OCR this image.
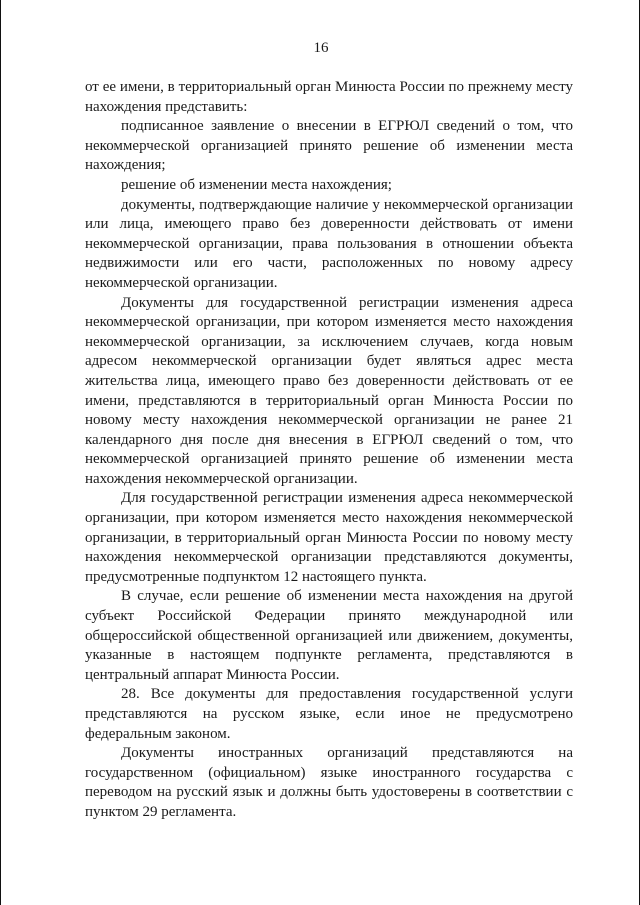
16

от ее имени, в территориальный орган Минюста России по прежнему месту нахождения представить:

подписанное заявление о внесении в ЕГРЮЛ сведений о том, что некоммерческой организацией принято решение об изменении места нахождения;

решение об изменении места нахождения;

документы, подтверждающие наличие у некоммерческой организации или лица, имеющего право без доверенности действовать от имени некоммерческой организации, права пользования в отношении объекта недвижимости или его части, расположенных по новому адресу некоммерческой организации.

Документы для государственной регистрации изменения адреса некоммерческой организации, при котором изменяется место нахождения некоммерческой организации, за исключением случаев, когда новым адресом некоммерческой организации будет являться адрес места жительства лица, имеющего право без доверенности действовать от ее имени, представляются в территориальный орган Минюста России по новому месту нахождения некоммерческой организации не ранее 21 календарного дня после дня внесения в ЕГРЮЛ сведений о том, что некоммерческой организацией принято решение об изменении места нахождения некоммерческой организации.

Для государственной регистрации изменения адреса некоммерческой организации, при котором изменяется место нахождения некоммерческой организации, в территориальный орган Минюста России по новому месту нахождения некоммерческой организации представляются документы, предусмотренные подпунктом 12 настоящего пункта.

В случае, если решение об изменении места нахождения на другой субъект Российской Федерации принято международной или общероссийской общественной организацией или движением, документы, указанные в настоящем подпункте регламента, представляются в центральный аппарат Минюста России.

28. Все документы для предоставления государственной услуги представляются на русском языке, если иное не предусмотрено федеральным законом.

Документы иностранных организаций представляются на государственном (официальном) языке иностранного государства с переводом на русский язык и должны быть удостоверены в соответствии с пунктом 29 регламента.
